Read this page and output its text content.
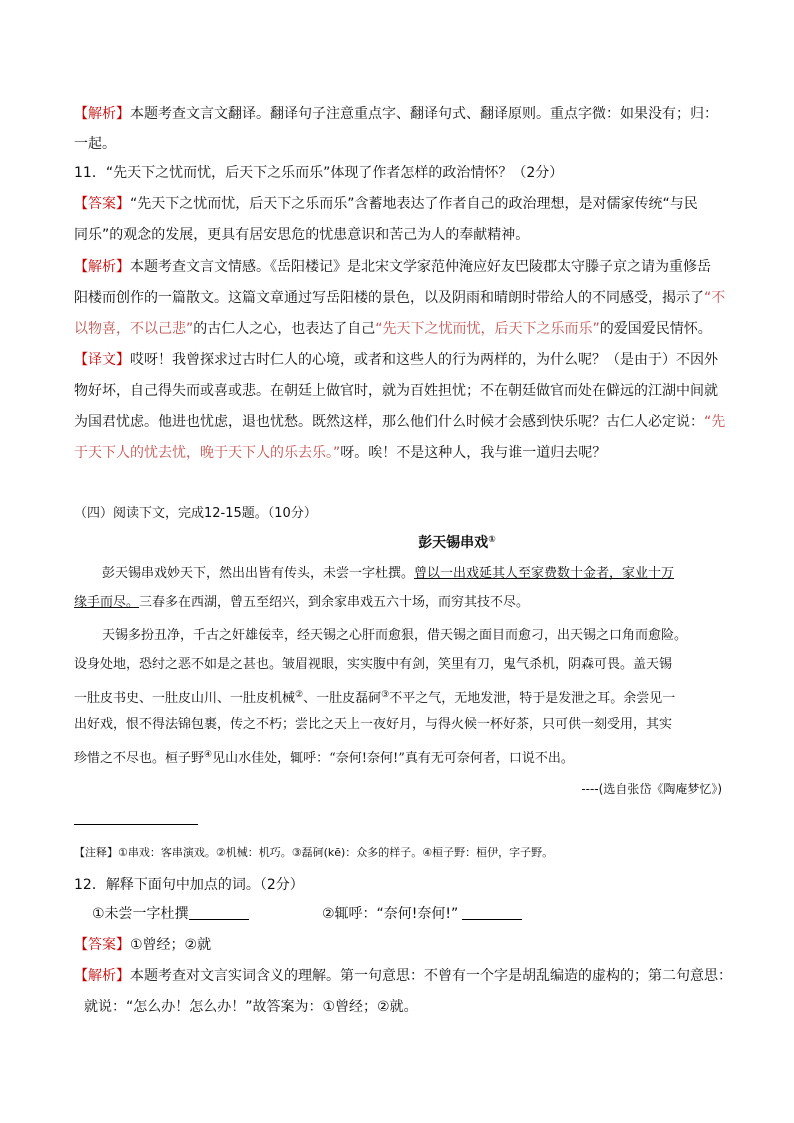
【解析】本题考查文言文翻译。翻译句子注意重点字、翻译句式、翻译原则。重点字微：如果没有；归：
一起。
11．“先天下之忧而忧，后天下之乐而乐”体现了作者怎样的政治情怀？（2分）
【答案】“先天下之忧而忧，后天下之乐而乐”含蓄地表达了作者自己的政治理想，是对儒家传统“与民
同乐”的观念的发展，更具有居安思危的忧患意识和苦己为人的奉献精神。
【解析】本题考查文言文情感。《岳阳楼记》是北宋文学家范仲淹应好友巴陵郡太守滕子京之请为重修岳
阳楼而创作的一篇散文。这篇文章通过写岳阳楼的景色，以及阴雨和晴朗时带给人的不同感受，揭示了“不
以物喜，不以己悲”的古仁人之心，也表达了自己“先天下之忧而忧，后天下之乐而乐”的爱国爱民情怀。
【译文】哎呀！我曾探求过古时仁人的心境，或者和这些人的行为两样的，为什么呢？（是由于）不因外
物好坏，自己得失而或喜或悲。在朝廷上做官时，就为百姓担忧；不在朝廷做官而处在僻远的江湖中间就
为国君忧虑。他进也忧虑，退也忧愁。既然这样，那么他们什么时候才会感到快乐呢？古仁人必定说：“先
于天下人的忧去忧，晚于天下人的乐去乐。”呀。唉！不是这种人，我与谁一道归去呢？
（四）阅读下文，完成12-15题。（10分）
彭天锡串戏①
彭天锡串戏妙天下，然出出皆有传头，未尝一字杜撰。曾以一出戏延其人至家费数十金者，家业十万
缘手而尽。三春多在西湖，曾五至绍兴，到余家串戏五六十场，而穷其技不尽。
天锡多扮丑净，千古之奸雄佞幸，经天锡之心肝而愈狠，借天锡之面目而愈刁，出天锡之口角而愈险。
设身处地，恐纣之恶不如是之甚也。皱眉视眼，实实腹中有剑，笑里有刀，鬼气杀机，阴森可畏。盖天锡
一肚皮书史、一肚皮山川、一肚皮机械②、一肚皮磊砢③不平之气，无地发泄，特于是发泄之耳。余尝见一
出好戏，恨不得法锦包裹，传之不朽；尝比之天上一夜好月，与得火候一杯好茶，只可供一刻受用，其实
珍惜之不尽也。桓子野④见山水佳处，辄呼：“奈何!奈何!”真有无可奈何者，口说不出。
----(选自张岱《陶庵梦忆》)
【注释】①串戏：客串演戏。②机械：机巧。③磊砢(kē)：众多的样子。④桓子野：桓伊，字子野。
12．解释下面句中加点的词。（2分）
①未尝一字杜撰	②辄呼：“奈何!奈何!”
【答案】①曾经；②就
【解析】本题考查对文言实词含义的理解。第一句意思：不曾有一个字是胡乱编造的虚构的；第二句意思：
就说：“怎么办！怎么办！”故答案为：①曾经；②就。
